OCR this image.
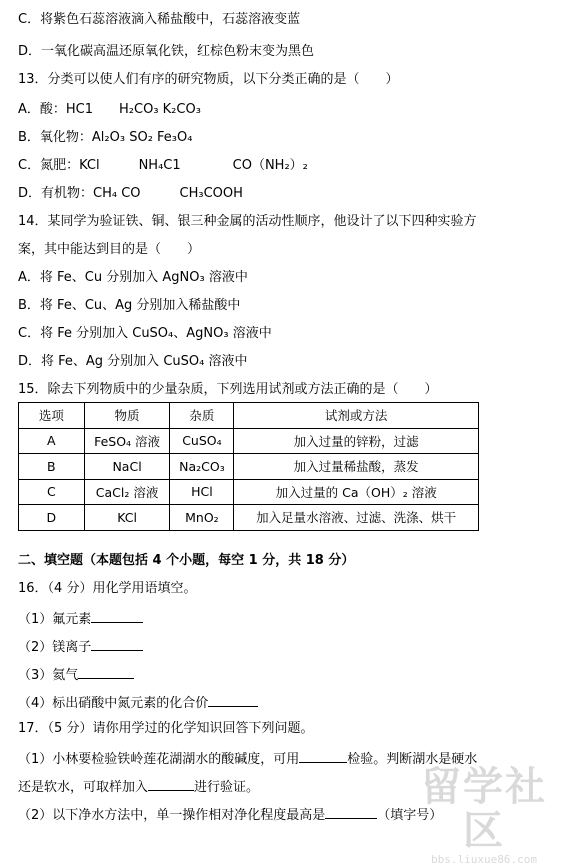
C．将紫色石蕊溶液滴入稀盐酸中，石蕊溶液变蓝
D．一氧化碳高温还原氧化铁，红棕色粉末变为黑色
13．分类可以使人们有序的研究物质，以下分类正确的是（　　）
A．酸：HC1　　H₂CO₃ K₂CO₃
B．氧化物：Al₂O₃ SO₂ Fe₃O₄
C．氮肥：KCl　　　NH₄C1　　　　CO（NH₂）₂
D．有机物：CH₄ CO　　　CH₃COOH
14．某同学为验证铁、铜、银三种金属的活动性顺序，他设计了以下四种实验方
案，其中能达到目的是（　　）
A．将 Fe、Cu 分别加入 AgNO₃ 溶液中
B．将 Fe、Cu、Ag 分别加入稀盐酸中
C．将 Fe 分别加入 CuSO₄、AgNO₃ 溶液中
D．将 Fe、Ag 分别加入 CuSO₄ 溶液中
15．除去下列物质中的少量杂质，下列选用试剂或方法正确的是（　　）
选项	物质	杂质	试剂或方法
A	FeSO₄ 溶液	CuSO₄	加入过量的锌粉，过滤
B	NaCl	Na₂CO₃	加入过量稀盐酸，蒸发
C	CaCl₂ 溶液	HCl	加入过量的 Ca（OH）₂ 溶液
D	KCl	MnO₂	加入足量水溶液、过滤、洗涤、烘干
二、填空题（本题包括 4 个小题，每空 1 分，共 18 分）
16．（4 分）用化学用语填空。
（1）氟元素
（2）镁离子
（3）氦气
（4）标出硝酸中氮元素的化合价
17．（5 分）请你用学过的化学知识回答下列问题。
（1）小林要检验铁岭莲花湖湖水的酸碱度，可用	检验。判断湖水是硬水
还是软水，可取样加入	进行验证。
（2）以下净水方法中，单一操作相对净化程度最高是	（填字号）
留学社区
bbs.liuxue86.com
